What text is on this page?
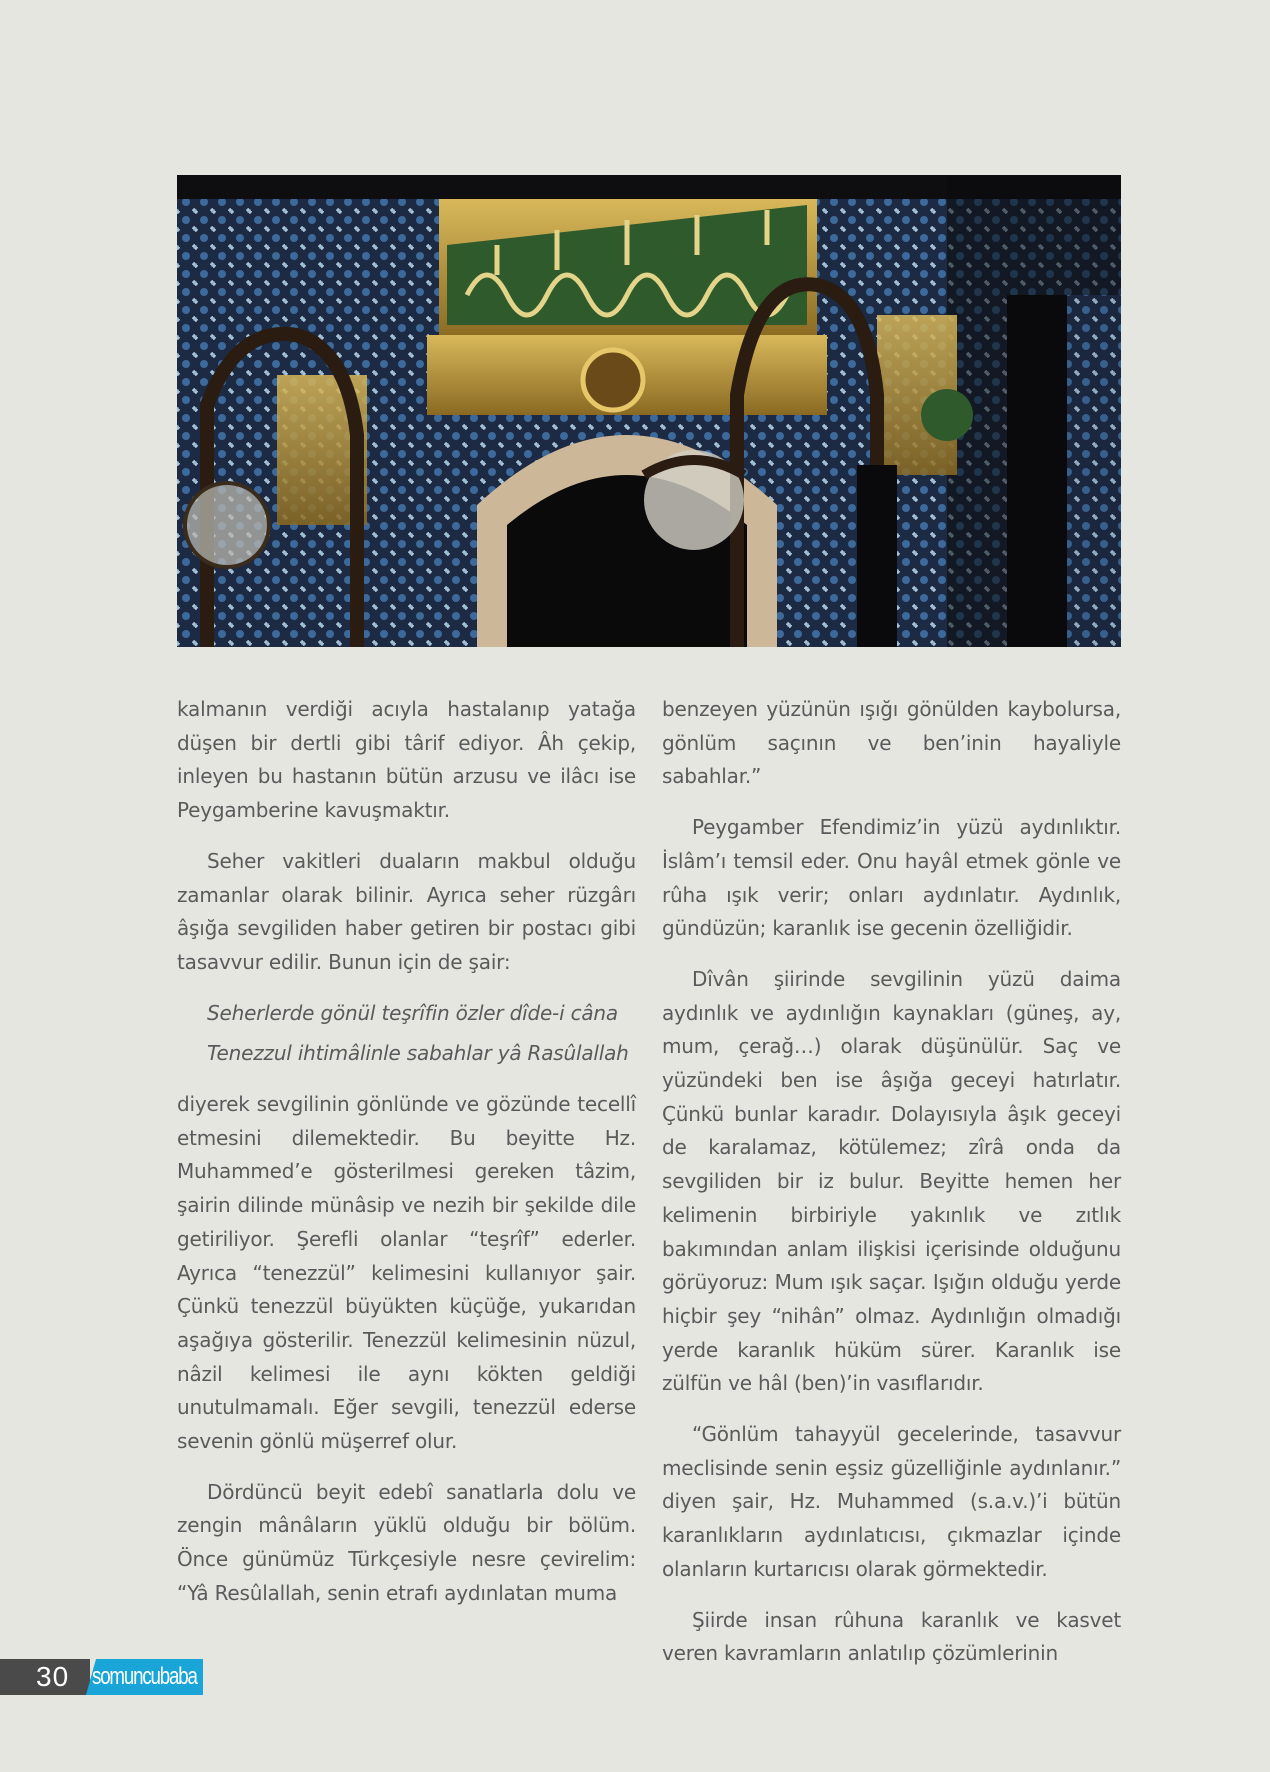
kalmanın verdiği acıyla hastalanıp yatağa düşen bir dertli gibi târif ediyor. Âh çekip, inleyen bu hastanın bütün arzusu ve ilâcı ise Peygamberine kavuşmaktır.

Seher vakitleri duaların makbul olduğu zamanlar olarak bilinir. Ayrıca seher rüzgârı âşığa sevgiliden haber getiren bir postacı gibi tasavvur edilir. Bunun için de şair:

Seherlerde gönül teşrîfin özler dîde-i câna

Tenezzul ihtimâlinle sabahlar yâ Rasûlallah

diyerek sevgilinin gönlünde ve gözünde tecellî etmesini dilemektedir. Bu beyitte Hz. Muhammed’e gösterilmesi gereken tâzim, şairin dilinde münâsip ve nezih bir şekilde dile getiriliyor. Şerefli olanlar “teşrîf” ederler. Ayrıca “tenezzül” kelimesini kullanıyor şair. Çünkü tenezzül büyükten küçüğe, yukarıdan aşağıya gösterilir. Tenezzül kelimesinin nüzul, nâzil kelimesi ile aynı kökten geldiği unutulmamalı. Eğer sevgili, tenezzül ederse sevenin gönlü müşerref olur.

Dördüncü beyit edebî sanatlarla dolu ve zengin mânâların yüklü olduğu bir bölüm. Önce günümüz Türkçesiyle nesre çevirelim: “Yâ Resûlallah, senin etrafı aydınlatan muma

benzeyen yüzünün ışığı gönülden kaybolursa, gönlüm saçının ve ben’inin hayaliyle sabahlar.”

Peygamber Efendimiz’in yüzü aydınlıktır. İslâm’ı temsil eder. Onu hayâl etmek gönle ve rûha ışık verir; onları aydınlatır. Aydınlık, gündüzün; karanlık ise gecenin özelliğidir.

Dîvân şiirinde sevgilinin yüzü daima aydınlık ve aydınlığın kaynakları (güneş, ay, mum, çerağ…) olarak düşünülür. Saç ve yüzündeki ben ise âşığa geceyi hatırlatır. Çünkü bunlar karadır. Dolayısıyla âşık geceyi de karalamaz, kötülemez; zîrâ onda da sevgiliden bir iz bulur. Beyitte hemen her kelimenin birbiriyle yakınlık ve zıtlık bakımından anlam ilişkisi içerisinde olduğunu görüyoruz: Mum ışık saçar. Işığın olduğu yerde hiçbir şey “nihân” olmaz. Aydınlığın olmadığı yerde karanlık hüküm sürer. Karanlık ise zülfün ve hâl (ben)’in vasıflarıdır.

“Gönlüm tahayyül gecelerinde, tasavvur meclisinde senin eşsiz güzelliğinle aydınlanır.” diyen şair, Hz. Muhammed (s.a.v.)’i bütün karanlıkların aydınlatıcısı, çıkmazlar içinde olanların kurtarıcısı olarak görmektedir.

Şiirde insan rûhuna karanlık ve kasvet veren kavramların anlatılıp çözümlerinin

30 somuncubaba
